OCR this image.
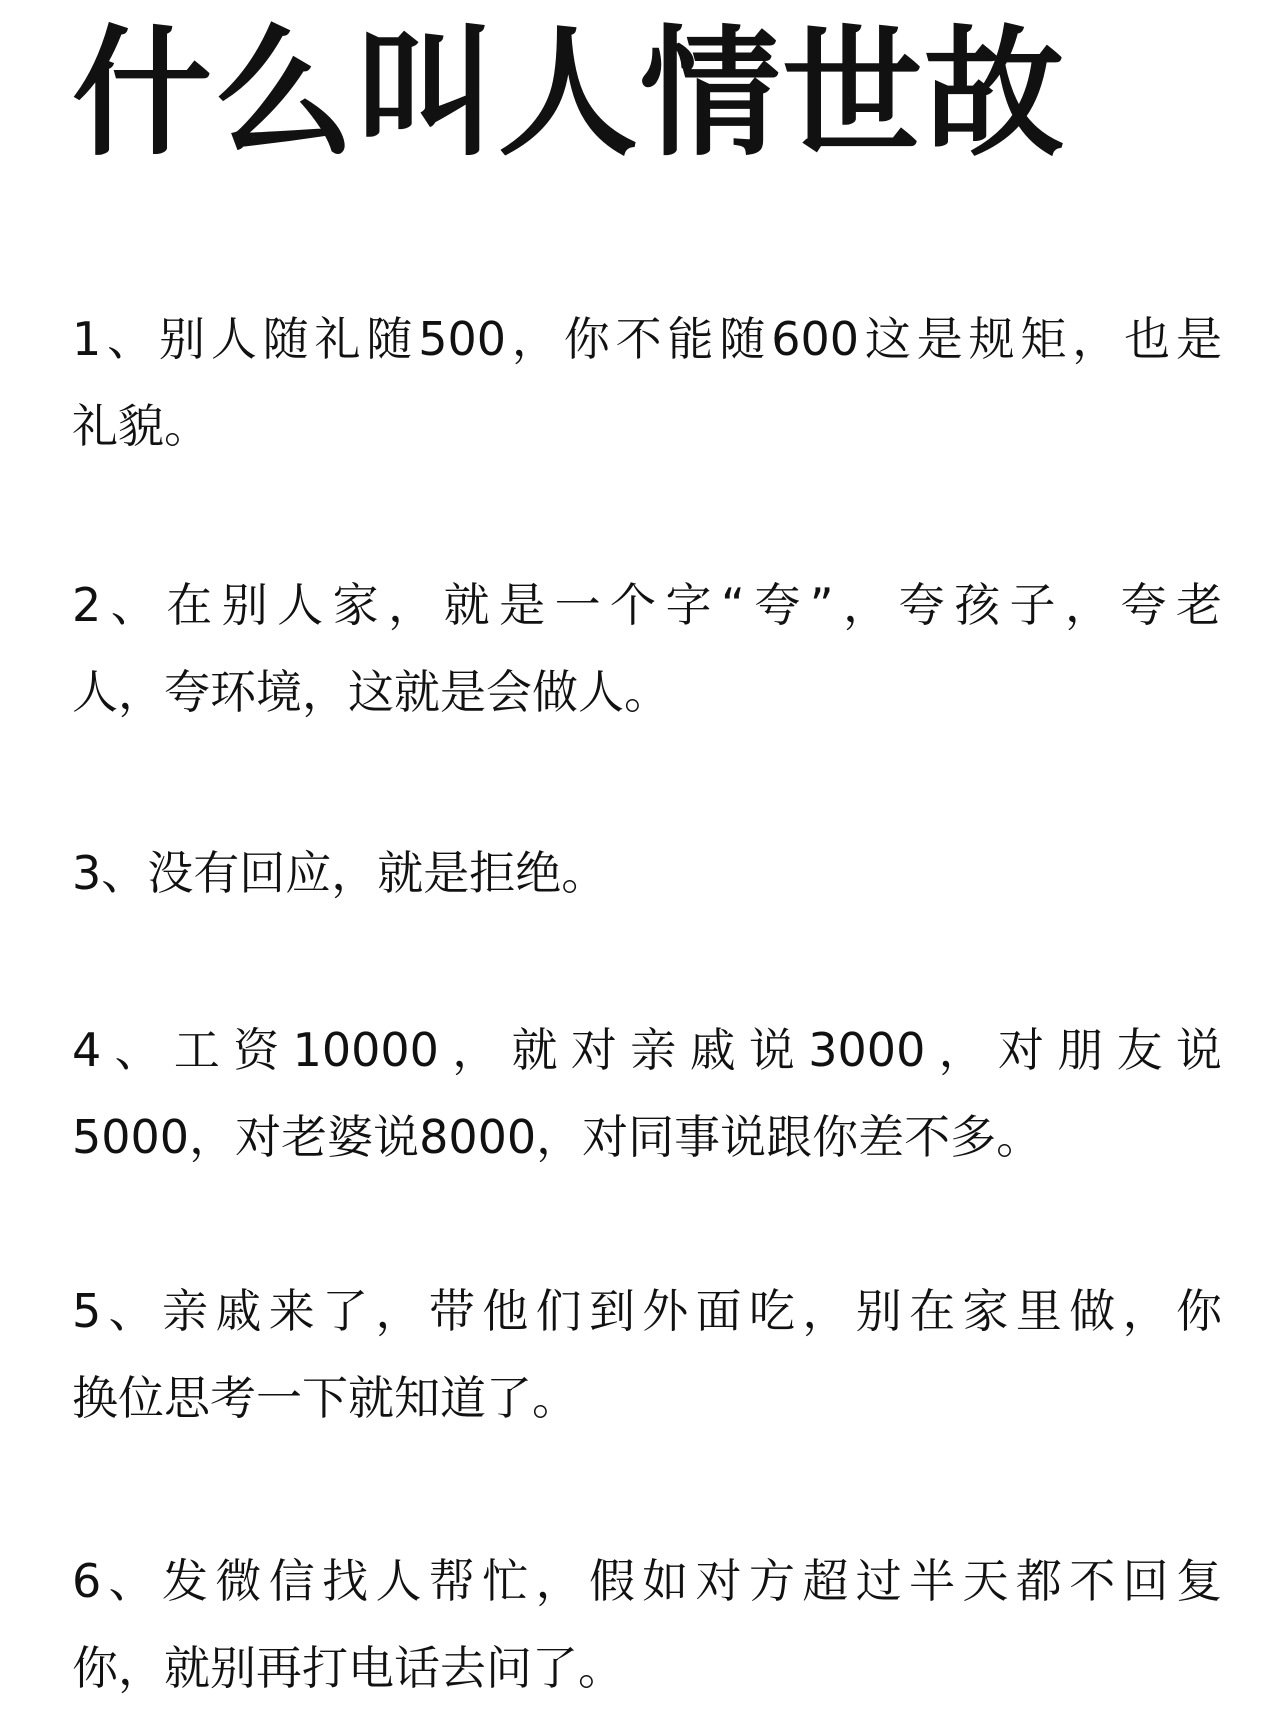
什么叫人情世故
1、别人随礼随500，你不能随600这是规矩，也是
礼貌。
2、在别人家，就是一个字“夸”，夸孩子，夸老
人，夸环境，这就是会做人。
3、没有回应，就是拒绝。
4、工资10000，就对亲戚说3000，对朋友说
5000，对老婆说8000，对同事说跟你差不多。
5、亲戚来了，带他们到外面吃，别在家里做，你
换位思考一下就知道了。
6、发微信找人帮忙，假如对方超过半天都不回复
你，就别再打电话去问了。
